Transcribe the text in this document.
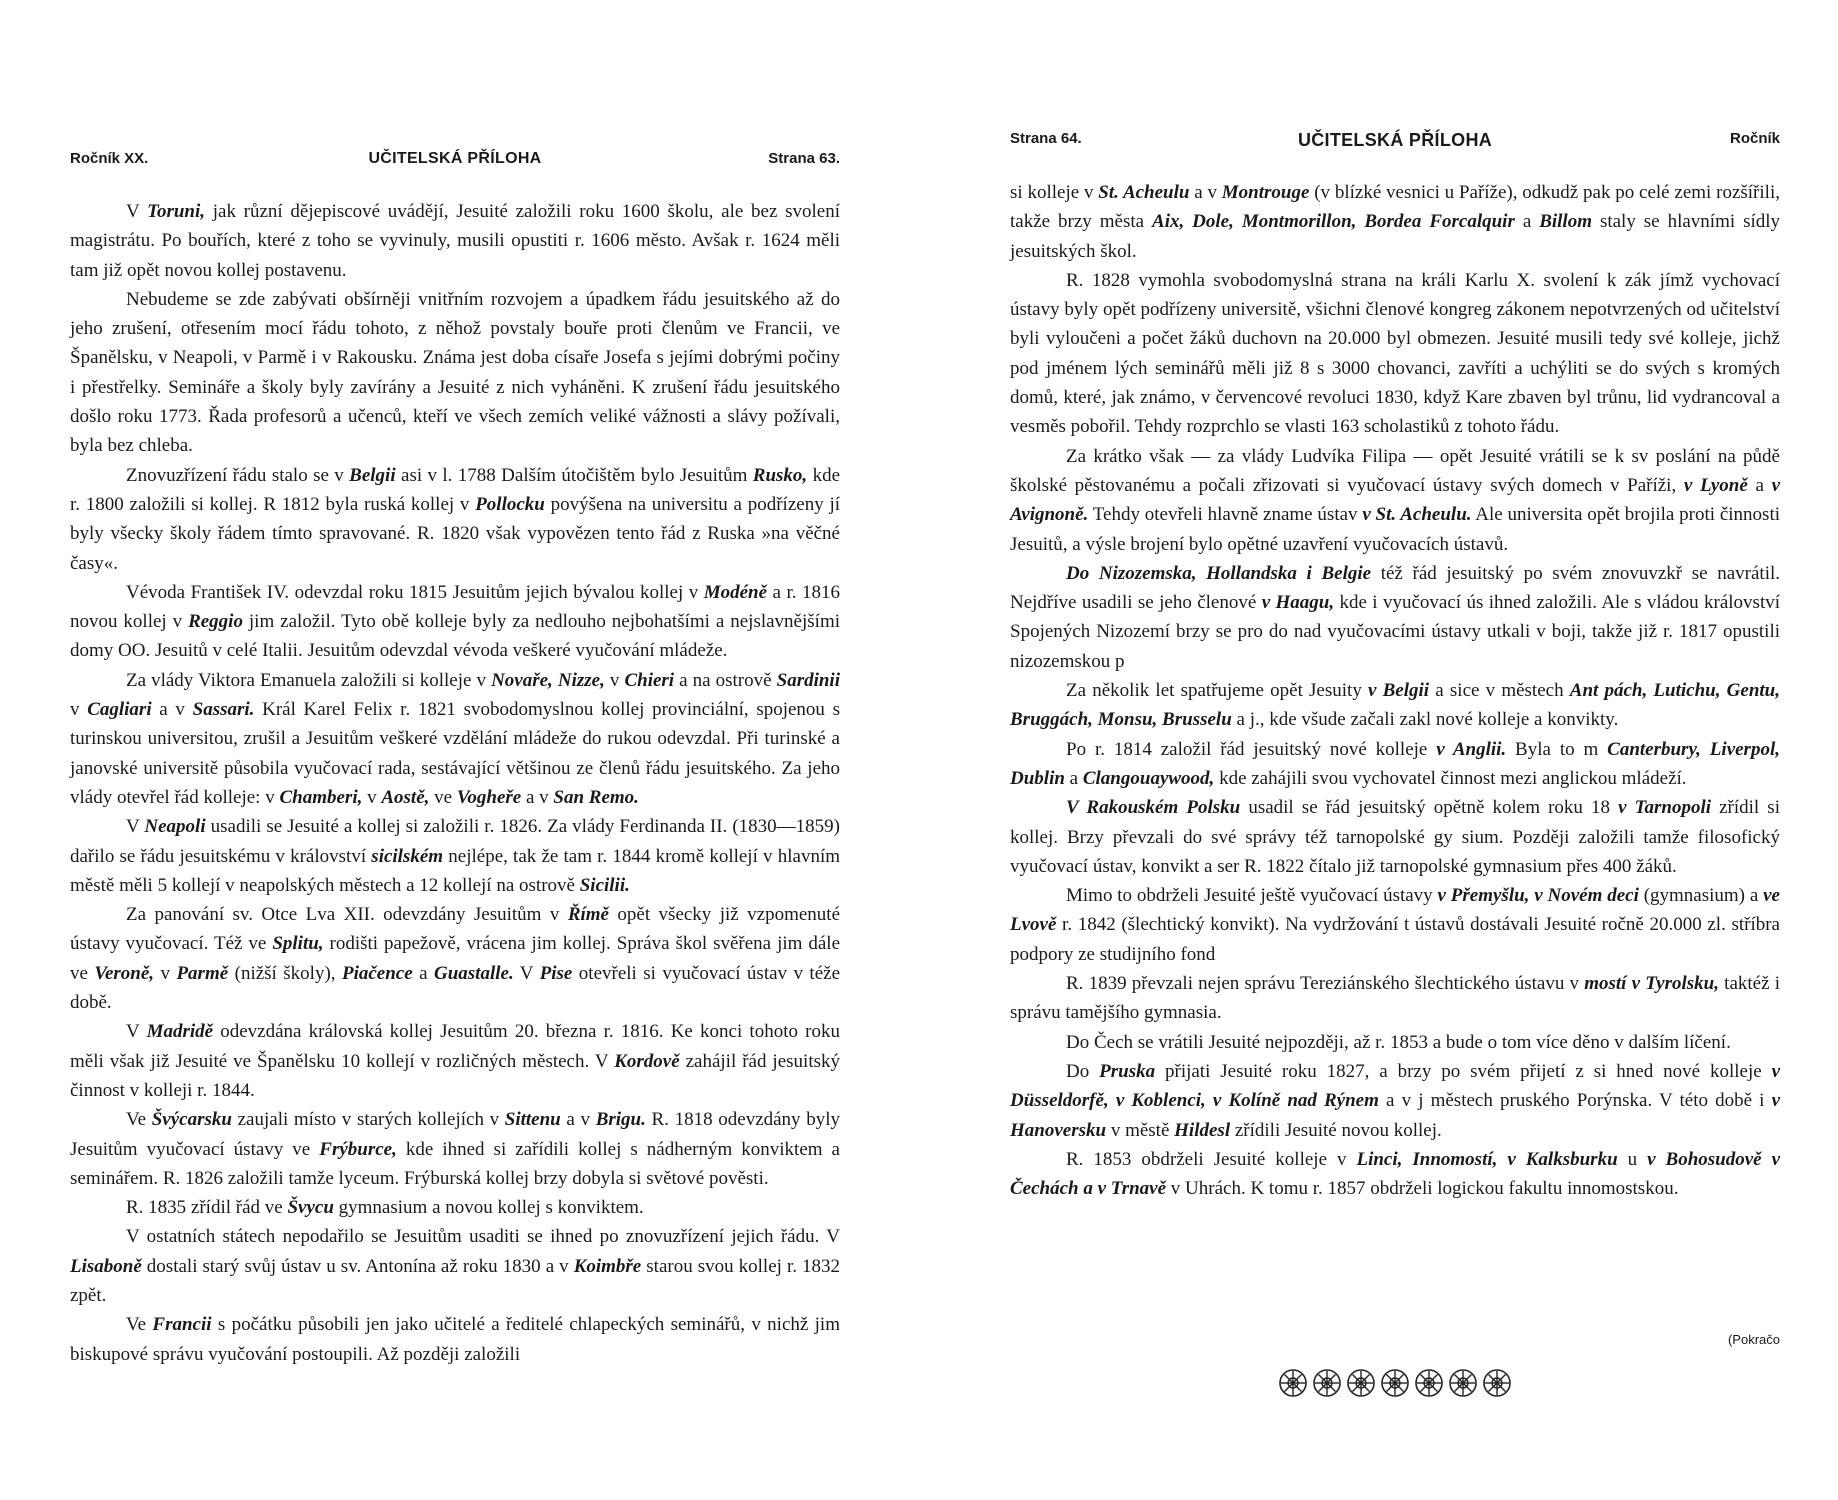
Ročník XX.	UČITELSKÁ PŘÍLOHA	Strana 63.

V Toruni, jak různí dějepiscové uvádějí, Jesuité založili roku 1600 školu, ale bez svolení magistrátu. Po bouřích, které z toho se vyvinuly, musili opustiti r. 1606 město. Avšak r. 1624 měli tam již opět novou kollej postavenu.

Nebudeme se zde zabývati obšírněji vnitřním rozvojem a úpadkem řádu jesuitského až do jeho zrušení, otřesením mocí řádu tohoto, z něhož povstaly bouře proti členům ve Francii, ve Španělsku, v Neapoli, v Parmě i v Rakousku. Známa jest doba císaře Josefa s jejími dobrými počiny i přestřelky. Semináře a školy byly zavírány a Jesuité z nich vyháněni. K zrušení řádu jesuitského došlo roku 1773. Řada profesorů a učenců, kteří ve všech zemích veliké vážnosti a slávy požívali, byla bez chleba.

Znovuzřízení řádu stalo se v Belgii asi v l. 1788 Dalším útočištěm bylo Jesuitům Rusko, kde r. 1800 založili si kollej. R 1812 byla ruská kollej v Pollocku povýšena na universitu a podřízeny jí byly všecky školy řádem tímto spravované. R. 1820 však vypovězen tento řád z Ruska »na věčné časy«.

Vévoda František IV. odevzdal roku 1815 Jesuitům jejich bývalou kollej v Modéně a r. 1816 novou kollej v Reggio jim založil. Tyto obě kolleje byly za nedlouho nejbohatšími a nejslavnějšími domy OO. Jesuitů v celé Italii. Jesuitům odevzdal vévoda veškeré vyučování mládeže.

Za vlády Viktora Emanuela založili si kolleje v Novaře, Nizze, v Chieri a na ostrově Sardinii v Cagliari a v Sassari. Král Karel Felix r. 1821 svobodomyslnou kollej provinciální, spojenou s turinskou universitou, zrušil a Jesuitům veškeré vzdělání mládeže do rukou odevzdal. Při turinské a janovské universitě působila vyučovací rada, sestávající většinou ze členů řádu jesuitského. Za jeho vlády otevřel řád kolleje: v Chamberi, v Aostě, ve Vogheře a v San Remo.

V Neapoli usadili se Jesuité a kollej si založili r. 1826. Za vlády Ferdinanda II. (1830—1859) dařilo se řádu jesuitskému v království sicilském nejlépe, tak že tam r. 1844 kromě kollejí v hlavním městě měli 5 kollejí v neapolských městech a 12 kollejí na ostrově Sicilii.

Za panování sv. Otce Lva XII. odevzdány Jesuitům v Římě opět všecky již vzpomenuté ústavy vyučovací. Též ve Splitu, rodišti papežově, vrácena jim kollej. Správa škol svěřena jim dále ve Veroně, v Parmě (nižší školy), Piačence a Guastalle. V Pise otevřeli si vyučovací ústav v téže době.

V Madridě odevzdána královská kollej Jesuitům 20. března r. 1816. Ke konci tohoto roku měli však již Jesuité ve Španělsku 10 kollejí v rozličných městech. V Kordově zahájil řád jesuitský činnost v kolleji r. 1844.

Ve Švýcarsku zaujali místo v starých kollejích v Sittenu a v Brigu. R. 1818 odevzdány byly Jesuitům vyučovací ústavy ve Frýburce, kde ihned si zařídili kollej s nádherným konviktem a seminářem. R. 1826 založili tamže lyceum. Frýburská kollej brzy dobyla si světové pověsti.

R. 1835 zřídil řád ve Švycu gymnasium a novou kollej s konviktem.

V ostatních státech nepodařilo se Jesuitům usaditi se ihned po znovuzřízení jejich řádu. V Lisaboně dostali starý svůj ústav u sv. Antonína až roku 1830 a v Koimbře starou svou kollej r. 1832 zpět.

Ve Francii s počátku působili jen jako učitelé a ředitelé chlapeckých seminářů, v nichž jim biskupové správu vyučování postoupili. Až později založili

Strana 64.	UČITELSKÁ PŘÍLOHA	Ročník

si kolleje v St. Acheulu a v Montrouge (v blízké vesnici u Paříže), odkudž pak po celé zemi rozšířili, takže brzy města Aix, Dole, Montmorillon, Bordea Forcalquir a Billom staly se hlavními sídly jesuitských škol.

R. 1828 vymohla svobodomyslná strana na králi Karlu X. svolení k zák jímž vychovací ústavy byly opět podřízeny universitě, všichni členové kongreg zákonem nepotvrzených od učitelství byli vyloučeni a počet žáků duchovn na 20.000 byl obmezen. Jesuité musili tedy své kolleje, jichž pod jménem lých seminářů měli již 8 s 3000 chovanci, zavříti a uchýliti se do svých s kromých domů, které, jak známo, v červencové revoluci 1830, když Kare zbaven byl trůnu, lid vydrancoval a vesměs pobořil. Tehdy rozprchlo se vlasti 163 scholastiků z tohoto řádu.

Za krátko však — za vlády Ludvíka Filipa — opět Jesuité vrátili se k sv poslání na půdě školské pěstovanému a počali zřizovati si vyučovací ústavy svých domech v Paříži, v Lyoně a v Avignoně. Tehdy otevřeli hlavně zname ústav v St. Acheulu. Ale universita opět brojila proti činnosti Jesuitů, a výsle brojení bylo opětné uzavření vyučovacích ústavů.

Do Nizozemska, Hollandska i Belgie též řád jesuitský po svém znovuvzkř se navrátil. Nejdříve usadili se jeho členové v Haagu, kde i vyučovací ús ihned založili. Ale s vládou království Spojených Nizozemí brzy se pro do nad vyučovacími ústavy utkali v boji, takže již r. 1817 opustili nizozemskou p

Za několik let spatřujeme opět Jesuity v Belgii a sice v městech Ant pách, Lutichu, Gentu, Bruggách, Monsu, Brusselu a j., kde všude začali zakl nové kolleje a konvikty.

Po r. 1814 založil řád jesuitský nové kolleje v Anglii. Byla to m Canterbury, Liverpol, Dublin a Clangouaywood, kde zahájili svou vychovatel činnost mezi anglickou mládeží.

V Rakouském Polsku usadil se řád jesuitský opětně kolem roku 18 v Tarnopoli zřídil si kollej. Brzy převzali do své správy též tarnopolské gy sium. Později založili tamže filosofický vyučovací ústav, konvikt a ser R. 1822 čítalo již tarnopolské gymnasium přes 400 žáků.

Mimo to obdrželi Jesuité ještě vyučovací ústavy v Přemyšlu, v Novém deci (gymnasium) a ve Lvově r. 1842 (šlechtický konvikt). Na vydržování t ústavů dostávali Jesuité ročně 20.000 zl. stříbra podpory ze studijního fond

R. 1839 převzali nejen správu Tereziánského šlechtického ústavu v mostí v Tyrolsku, taktéž i správu tamějšího gymnasia.

Do Čech se vrátili Jesuité nejpozději, až r. 1853 a bude o tom více děno v dalším líčení.

Do Pruska přijati Jesuité roku 1827, a brzy po svém přijetí z si hned nové kolleje v Düsseldorfě, v Koblenci, v Kolíně nad Rýnem a v j městech pruského Porýnska. V této době i v Hanoversku v městě Hildesl zřídili Jesuité novou kollej.

R. 1853 obdrželi Jesuité kolleje v Linci, Innomostí, v Kalksburku u v Bohosudově v Čechách a v Trnavě v Uhrách. K tomu r. 1857 obdrželi logickou fakultu innomostskou.

(Pokračo
